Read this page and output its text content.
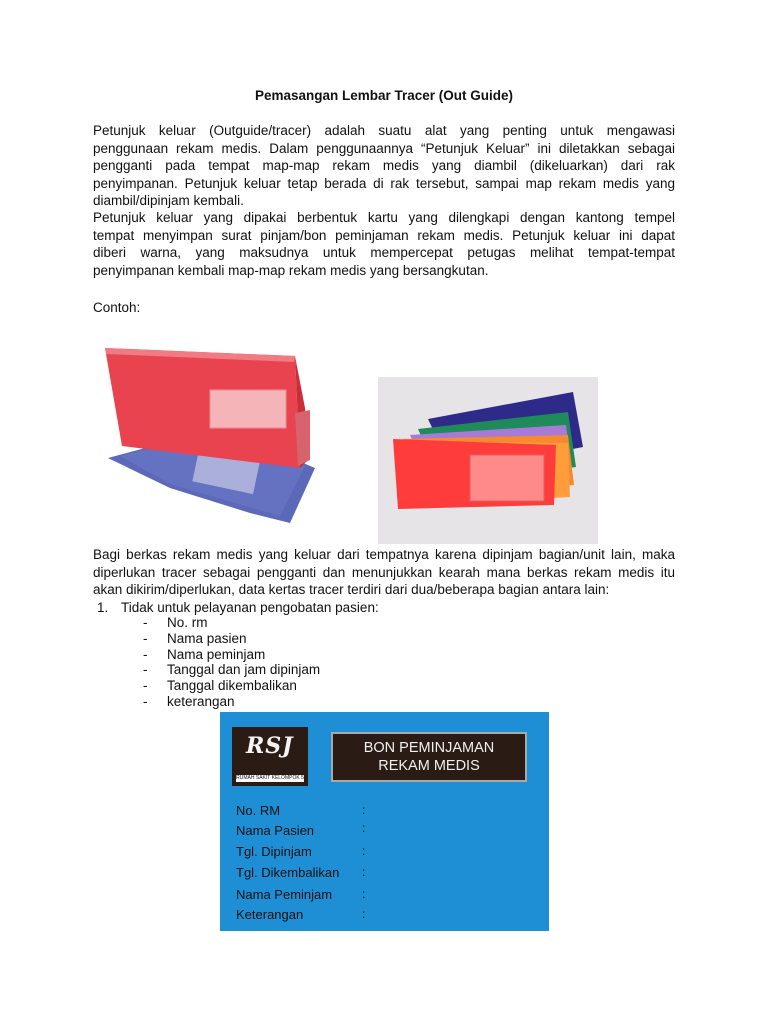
Pemasangan Lembar Tracer (Out Guide)
Petunjuk keluar (Outguide/tracer) adalah suatu alat yang penting untuk mengawasi
penggunaan rekam medis. Dalam penggunaannya “Petunjuk Keluar” ini diletakkan sebagai
pengganti pada tempat map-map rekam medis yang diambil (dikeluarkan) dari rak
penyimpanan. Petunjuk keluar tetap berada di rak tersebut, sampai map rekam medis yang
diambil/dipinjam kembali.
Petunjuk keluar yang dipakai berbentuk kartu yang dilengkapi dengan kantong tempel
tempat menyimpan surat pinjam/bon peminjaman rekam medis. Petunjuk keluar ini dapat
diberi warna, yang maksudnya untuk mempercepat petugas melihat tempat-tempat
penyimpanan kembali map-map rekam medis yang bersangkutan.
Contoh:
Bagi berkas rekam medis yang keluar dari tempatnya karena dipinjam bagian/unit lain, maka
diperlukan tracer sebagai pengganti dan menunjukkan kearah mana berkas rekam medis itu
akan dikirim/diperlukan, data kertas tracer terdiri dari dua/beberapa bagian antara lain:
1. Tidak untuk pelayanan pengobatan pasien:
- No. rm
- Nama pasien
- Nama peminjam
- Tanggal dan jam dipinjam
- Tanggal dikembalikan
- keterangan
RSJ
RUMAH SAKIT KELOMPOK 5
BON PEMINJAMAN
REKAM MEDIS
No. RM
Nama Pasien
Tgl. Dipinjam
Tgl. Dikembalikan
Nama Peminjam
Keterangan
:
:
:
:
:
:
